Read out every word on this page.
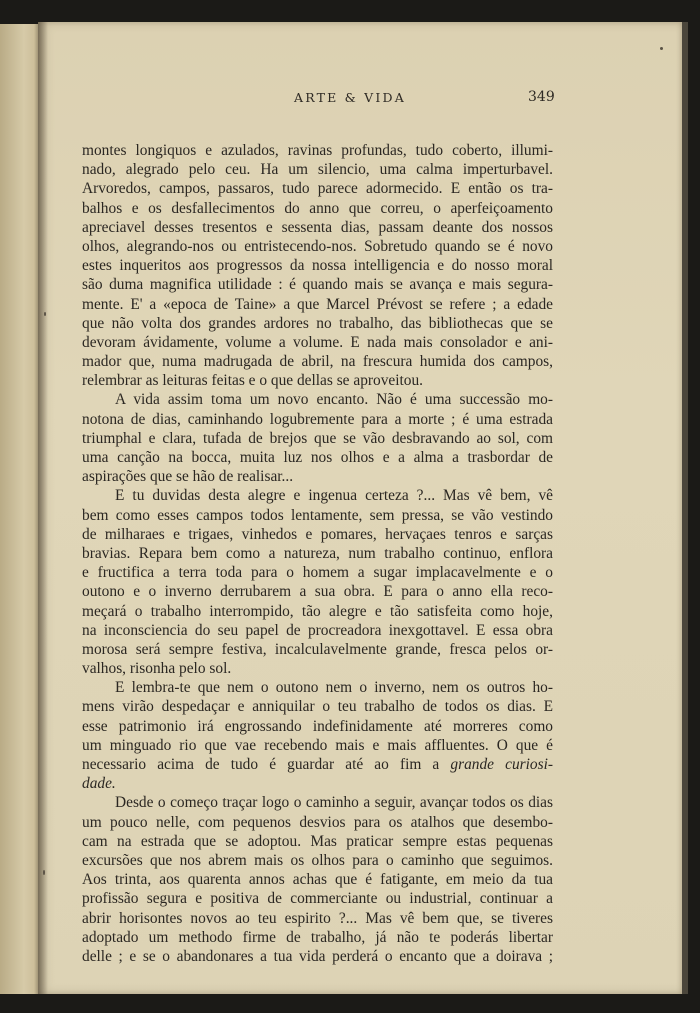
ARTE & VIDA	349
montes longiquos e azulados, ravinas profundas, tudo coberto, illumi-
nado, alegrado pelo ceu. Ha um silencio, uma calma imperturbavel.
Arvoredos, campos, passaros, tudo parece adormecido. E então os tra-
balhos e os desfallecimentos do anno que correu, o aperfeiçoamento
apreciavel desses tresentos e sessenta dias, passam deante dos nossos
olhos, alegrando-nos ou entristecendo-nos. Sobretudo quando se é novo
estes inqueritos aos progressos da nossa intelligencia e do nosso moral
são duma magnifica utilidade : é quando mais se avança e mais segura-
mente. E' a «epoca de Taine» a que Marcel Prévost se refere ; a edade
que não volta dos grandes ardores no trabalho, das bibliothecas que se
devoram ávidamente, volume a volume. E nada mais consolador e ani-
mador que, numa madrugada de abril, na frescura humida dos campos,
relembrar as leituras feitas e o que dellas se aproveitou.
A vida assim toma um novo encanto. Não é uma successão mo-
notona de dias, caminhando logubremente para a morte ; é uma estrada
triumphal e clara, tufada de brejos que se vão desbravando ao sol, com
uma canção na bocca, muita luz nos olhos e a alma a trasbordar de
aspirações que se hão de realisar...
E tu duvidas desta alegre e ingenua certeza ?... Mas vê bem, vê
bem como esses campos todos lentamente, sem pressa, se vão vestindo
de milharaes e trigaes, vinhedos e pomares, hervaçaes tenros e sarças
bravias. Repara bem como a natureza, num trabalho continuo, enflora
e fructifica a terra toda para o homem a sugar implacavelmente e o
outono e o inverno derrubarem a sua obra. E para o anno ella reco-
meçará o trabalho interrompido, tão alegre e tão satisfeita como hoje,
na inconsciencia do seu papel de procreadora inexgottavel. E essa obra
morosa será sempre festiva, incalculavelmente grande, fresca pelos or-
valhos, risonha pelo sol.
E lembra-te que nem o outono nem o inverno, nem os outros ho-
mens virão despedaçar e anniquilar o teu trabalho de todos os dias. E
esse patrimonio irá engrossando indefinidamente até morreres como
um minguado rio que vae recebendo mais e mais affluentes. O que é
necessario acima de tudo é guardar até ao fim a grande curiosi-
dade.
Desde o começo traçar logo o caminho a seguir, avançar todos os dias
um pouco nelle, com pequenos desvios para os atalhos que desembo-
cam na estrada que se adoptou. Mas praticar sempre estas pequenas
excursões que nos abrem mais os olhos para o caminho que seguimos.
Aos trinta, aos quarenta annos achas que é fatigante, em meio da tua
profissão segura e positiva de commerciante ou industrial, continuar a
abrir horisontes novos ao teu espirito ?... Mas vê bem que, se tiveres
adoptado um methodo firme de trabalho, já não te poderás libertar
delle ; e se o abandonares a tua vida perderá o encanto que a doirava ;
